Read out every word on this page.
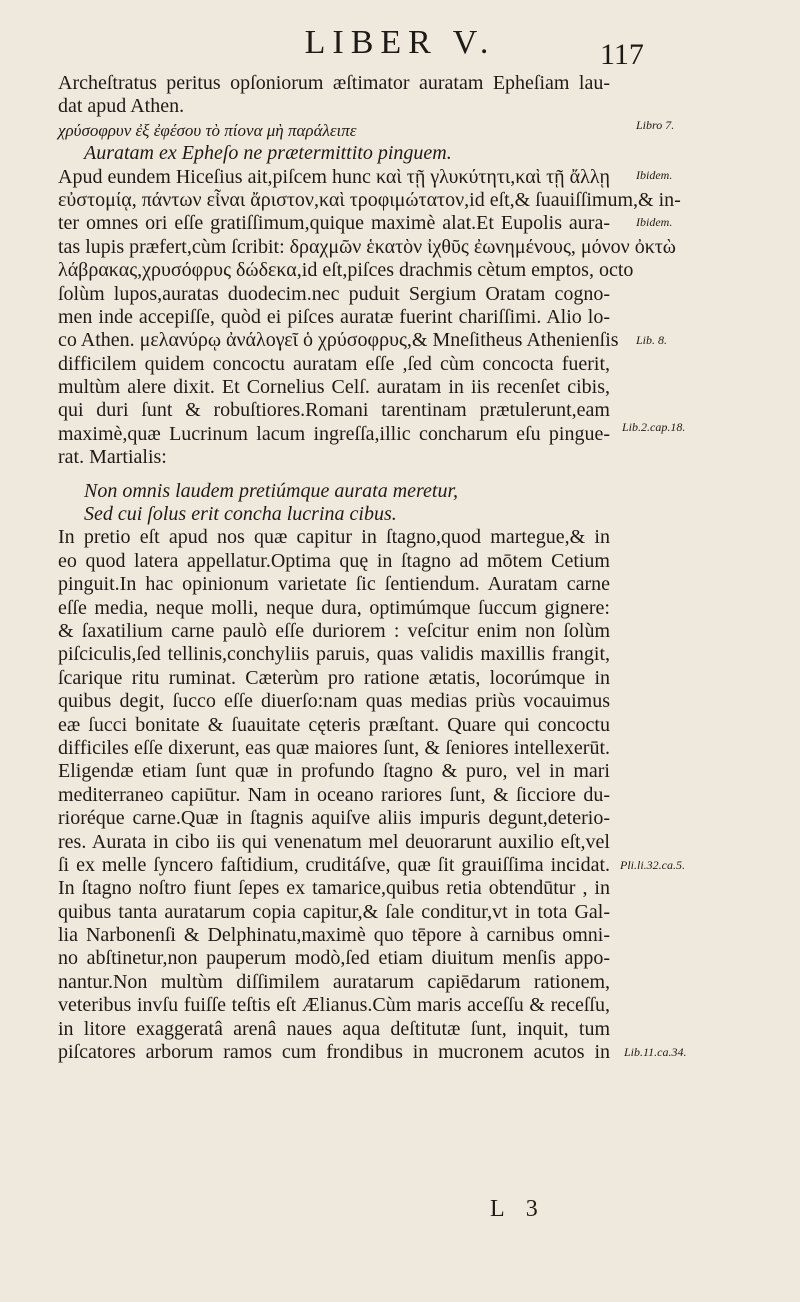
LIBER V.	117
Archeſtratus peritus opſoniorum æſtimator auratam Epheſiam lau-
dat apud Athen.
χρύσοφρυν ἐξ ἐφέσου τὸ πίονα μὴ παράλειπε
Auratam ex Epheſo ne prætermittito pinguem.
Apud eundem Hiceſius ait,piſcem hunc καὶ τῇ γλυκύτητι,καὶ τῇ ἄλλῃ
εὐστομίᾳ, πάντων εἶναι ἄριστον,καὶ τροφιμώτατον,id eſt,& ſuauiſſimum,& in-
ter omnes ori eſſe gratiſſimum,quique maximè alat.Et Eupolis aura-
tas lupis præfert,cùm ſcribit: δραχμῶν ἑκατὸν ἰχθῦς ἐωνημένους, μόνον ὀκτὼ
λάβρακας,χρυσόφρυς δώδεκα,id eſt,piſces drachmis cètum emptos, octo
ſolùm lupos,auratas duodecim.nec puduit Sergium Oratam cogno-
men inde accepiſſe, quòd ei piſces auratæ fuerint chariſſimi. Alio lo-
co Athen. μελανύρῳ ἀνάλογεῖ ὁ χρύσοφρυς,& Mneſitheus Athenienſis
difficilem quidem concoctu auratam eſſe ,ſed cùm concocta fuerit,
multùm alere dixit. Et Cornelius Celſ. auratam in iis recenſet cibis,
qui duri ſunt & robuſtiores.Romani tarentinam prætulerunt,eam
maximè,quæ Lucrinum lacum ingreſſa,illic concharum eſu pingue-
rat. Martialis:
Non omnis laudem pretiúmque aurata meretur,
Sed cui ſolus erit concha lucrina cibus.
In pretio eſt apud nos quæ capitur in ſtagno,quod martegue,& in
eo quod latera appellatur.Optima quę in ſtagno ad mōtem Cetium
pinguit.In hac opinionum varietate ſic ſentiendum. Auratam carne
eſſe media, neque molli, neque dura, optimúmque ſuccum gignere:
& ſaxatilium carne paulò eſſe duriorem : veſcitur enim non ſolùm
piſciculis,ſed tellinis,conchyliis paruis, quas validis maxillis frangit,
ſcarique ritu ruminat. Cæterùm pro ratione ætatis, locorúmque in
quibus degit, ſucco eſſe diuerſo:nam quas medias priùs vocauimus
eæ ſucci bonitate & ſuauitate cęteris præſtant. Quare qui concoctu
difficiles eſſe dixerunt, eas quæ maiores ſunt, & ſeniores intellexerūt.
Eligendæ etiam ſunt quæ in profundo ſtagno & puro, vel in mari
mediterraneo capiūtur. Nam in oceano rariores ſunt, & ſicciore du-
rioréque carne.Quæ in ſtagnis aquiſve aliis impuris degunt,deterio-
res. Aurata in cibo iis qui venenatum mel deuorarunt auxilio eſt,vel
ſi ex melle ſyncero faſtidium, cruditáſve, quæ ſit grauiſſima incidat.
In ſtagno noſtro fiunt ſepes ex tamarice,quibus retia obtendūtur , in
quibus tanta auratarum copia capitur,& ſale conditur,vt in tota Gal-
lia Narbonenſi & Delphinatu,maximè quo tēpore à carnibus omni-
no abſtinetur,non pauperum modò,ſed etiam diuitum menſis appo-
nantur.Non multùm diſſimilem auratarum capiēdarum rationem,
veteribus invſu fuiſſe teſtis eſt Ælianus.Cùm maris acceſſu & receſſu,
in litore exaggeratâ arenâ naues aqua deſtitutæ ſunt, inquit, tum
piſcatores arborum ramos cum frondibus in mucronem acutos in
Libro 7.
Ibidem.
Ibidem.
Lib. 8.
Lib.2.cap.18.
Pli.li.32.ca.5.
Lib.11.ca.34.
L 3
